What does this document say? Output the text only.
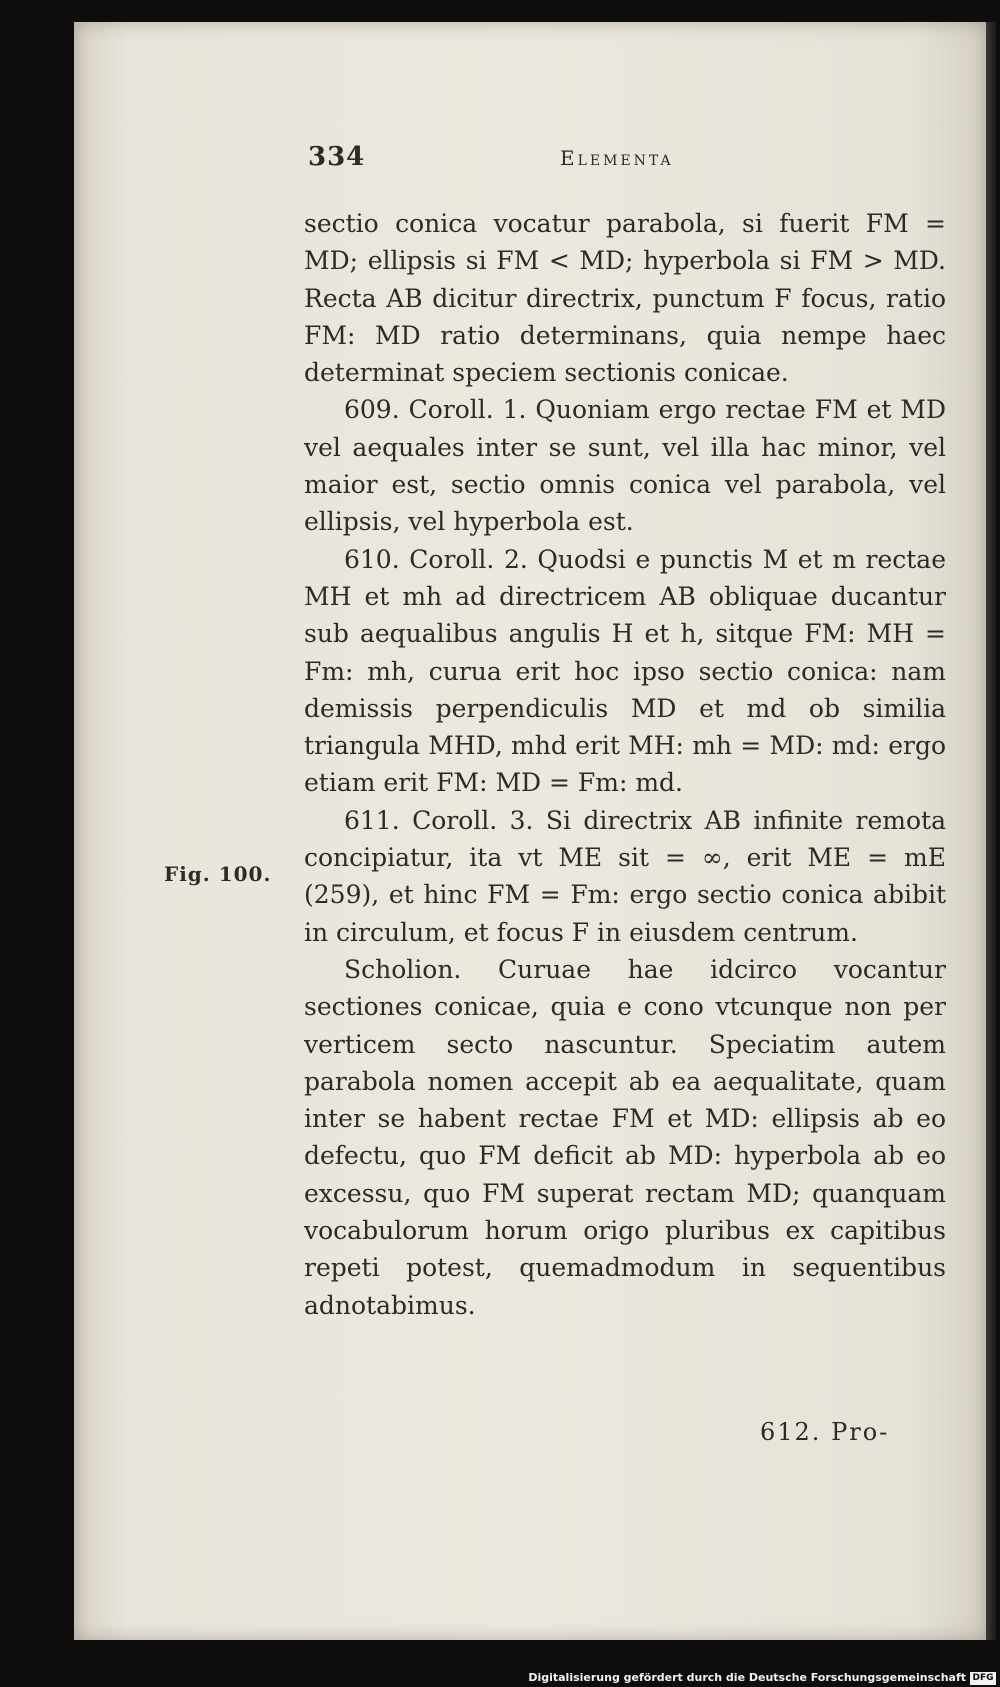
334	Elementa
Fig. 100.

sectio conica vocatur parabola, si fuerit FM = MD; ellipsis si FM < MD; hyperbola si FM > MD. Recta AB dicitur directrix, punctum F focus, ratio FM: MD ratio determinans, quia nempe haec determinat speciem sectionis conicae.

609. Coroll. 1. Quoniam ergo rectae FM et MD vel aequales inter se sunt, vel illa hac minor, vel maior est, sectio omnis conica vel parabola, vel ellipsis, vel hyperbola est.

610. Coroll. 2. Quodsi e punctis M et m rectae MH et mh ad directricem AB obliquae ducantur sub aequalibus angulis H et h, sitque FM: MH = Fm: mh, curua erit hoc ipso sectio conica: nam demissis perpendiculis MD et md ob similia triangula MHD, mhd erit MH: mh = MD: md: ergo etiam erit FM: MD = Fm: md.

611. Coroll. 3. Si directrix AB infinite remota concipiatur, ita vt ME sit = ∞, erit ME = mE (259), et hinc FM = Fm: ergo sectio conica abibit in circulum, et focus F in eiusdem centrum.

Scholion. Curuae hae idcirco vocantur sectiones conicae, quia e cono vtcunque non per verticem secto nascuntur. Speciatim autem parabola nomen accepit ab ea aequalitate, quam inter se habent rectae FM et MD: ellipsis ab eo defectu, quo FM deficit ab MD: hyperbola ab eo excessu, quo FM superat rectam MD; quanquam vocabulorum horum origo pluribus ex capitibus repeti potest, quemadmodum in sequentibus adnotabimus.

612. Pro-
Digitalisierung gefördert durch die Deutsche Forschungsgemeinschaft DFG
